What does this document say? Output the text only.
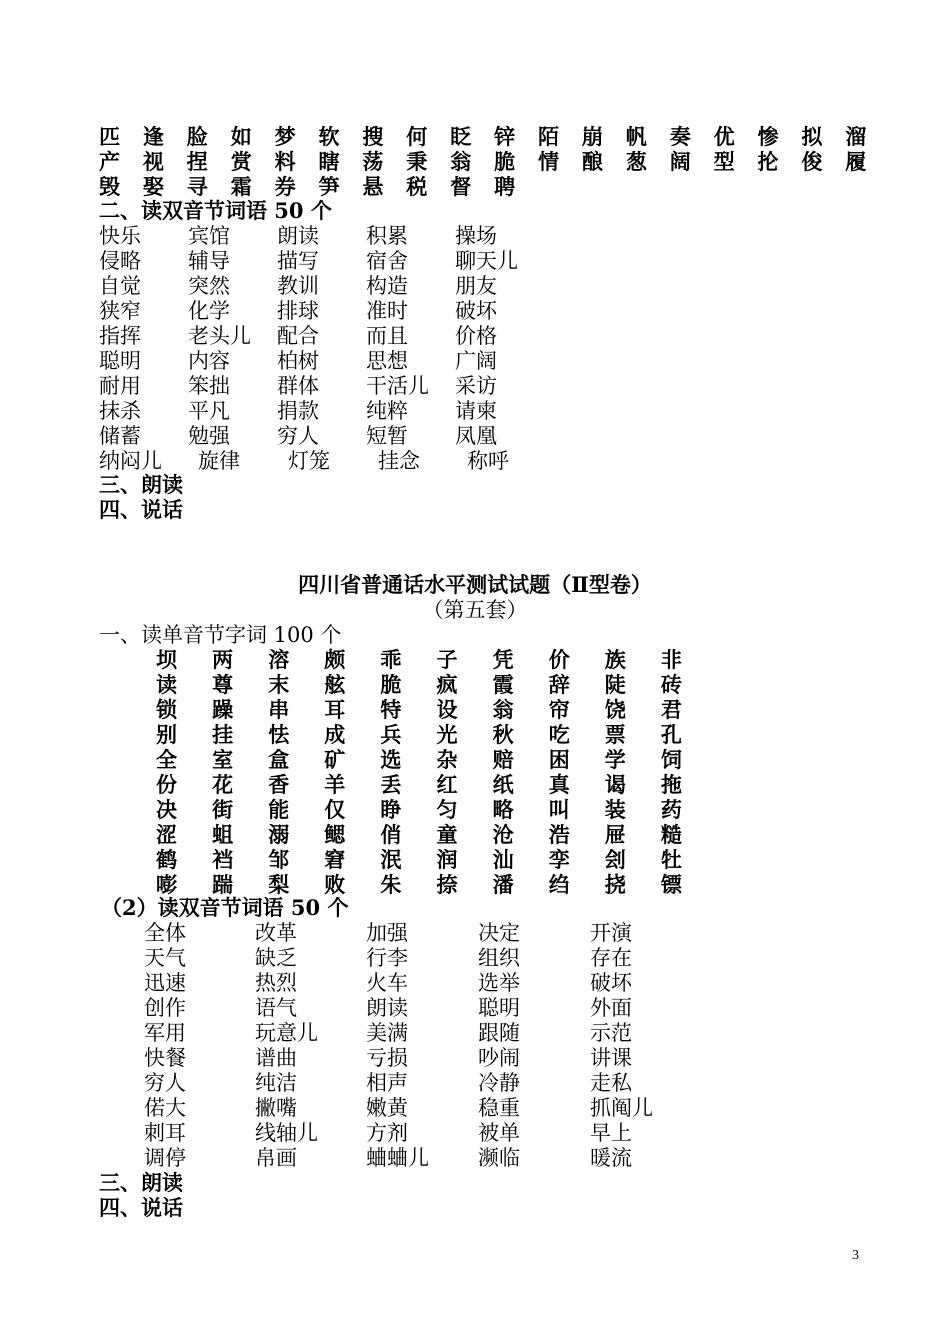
匹 逢 脸 如 梦 软 搜 何 眨 锌 陌 崩 帆 奏 优 惨 拟 溜
产 视 捏 赏 料 瞎 荡 秉 翁 脆 情 酿 葱 阔 型 抡 俊 履
毁 娶 寻 霜 券 笋 悬 税 督 聘
二、读双音节词语 50 个
快乐 宾馆 朗读 积累 操场
侵略 辅导 描写 宿舍 聊天儿
自觉 突然 教训 构造 朋友
狭窄 化学 排球 准时 破坏
指挥 老头儿 配合 而且 价格
聪明 内容 柏树 思想 广阔
耐用 笨拙 群体 干活儿 采访
抹杀 平凡 捐款 纯粹 请柬
储蓄 勉强 穷人 短暂 凤凰
纳闷儿 旋律 灯笼 挂念 称呼
三、朗读
四、说话
四川省普通话水平测试试题（Ⅱ型卷）
（第五套）
一、读单音节字词 100 个
坝 两 溶 颇 乖 子 凭 价 族 非
读 尊 末 舷 脆 疯 霞 辞 陡 砖
锁 躁 串 耳 特 设 翁 帘 饶 君
别 挂 怯 成 兵 光 秋 吃 票 孔
全 室 盒 矿 选 杂 赔 困 学 饲
份 花 香 羊 丢 红 纸 真 谒 拖
决 街 能 仅 睁 匀 略 叫 装 药
涩 蛆 溺 鳃 俏 童 沧 浩 屉 糙
鹤 裆 邹 窘 泯 润 汕 孪 刽 牡
嘭 踹 梨 败 朱 捺 潘 绉 挠 镖
（2）读双音节词语 50 个
全体	改革	加强	决定	开演
天气	缺乏	行李	组织	存在
迅速	热烈	火车	选举	破坏
创作	语气	朗读	聪明	外面
军用	玩意儿 美满	跟随	示范
快餐	谱曲	亏损	吵闹	讲课
穷人	纯洁	相声	冷静	走私
偌大	撇嘴	嫩黄	稳重	抓阄儿
刺耳	线轴儿 方剂	被单	早上
调停	帛画	蛐蛐儿 濒临	暖流
三、朗读
四、说话
3
